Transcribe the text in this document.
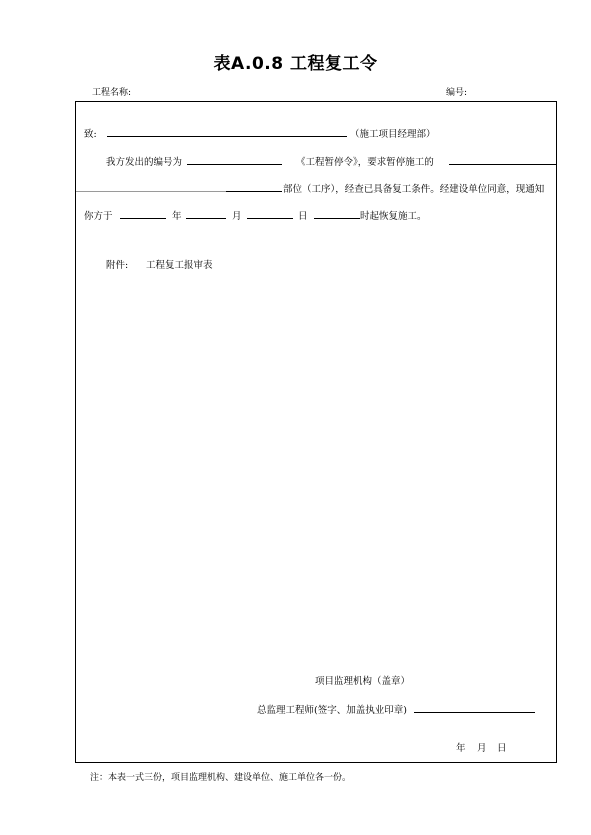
表A.0.8 工程复工令
工程名称:	编号:
致:	（施工项目经理部）
我方发出的编号为	《工程暂停令》，要求暂停施工的
部位（工序），经查已具备复工条件。经建设单位同意，现通知
你方于	年	月	日	时起恢复施工。
附件: 工程复工报审表
项目监理机构（盖章）
总监理工程师(签字、加盖执业印章)
年 月 日
注：本表一式三份，项目监理机构、建设单位、施工单位各一份。
